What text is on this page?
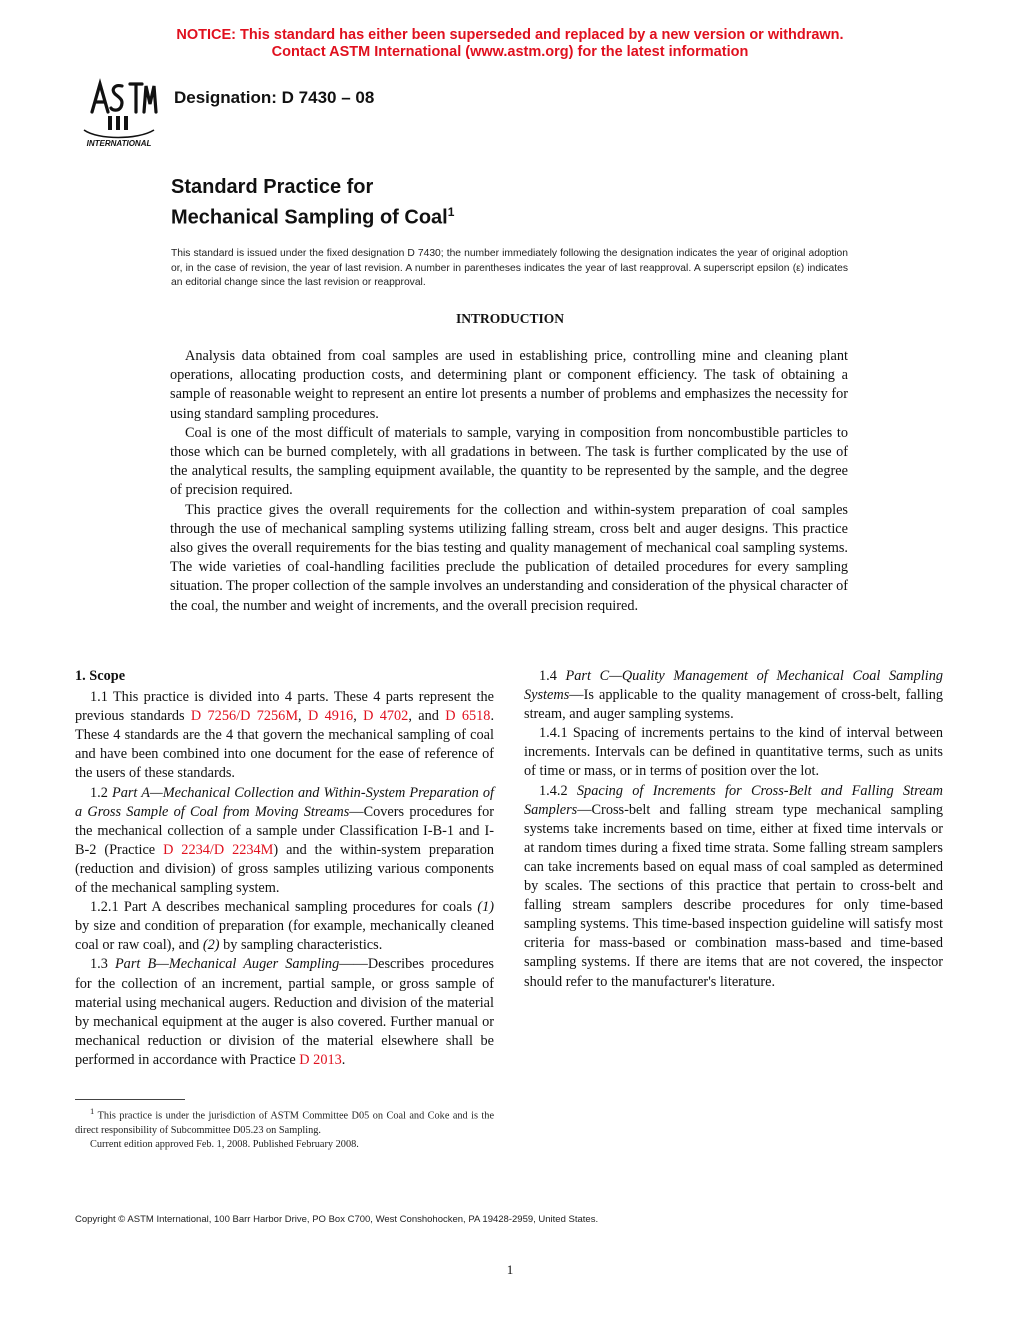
NOTICE: This standard has either been superseded and replaced by a new version or withdrawn.
Contact ASTM International (www.astm.org) for the latest information
INTERNATIONAL
Designation: D 7430 – 08
Standard Practice for
Mechanical Sampling of Coal$^1$
This standard is issued under the fixed designation D 7430; the number immediately following the designation indicates the year of original adoption or, in the case of revision, the year of last revision. A number in parentheses indicates the year of last reapproval. A superscript epsilon (ε) indicates an editorial change since the last revision or reapproval.
INTRODUCTION

Analysis data obtained from coal samples are used in establishing price, controlling mine and cleaning plant operations, allocating production costs, and determining plant or component efficiency. The task of obtaining a sample of reasonable weight to represent an entire lot presents a number of problems and emphasizes the necessity for using standard sampling procedures.

Coal is one of the most difficult of materials to sample, varying in composition from noncombustible particles to those which can be burned completely, with all gradations in between. The task is further complicated by the use of the analytical results, the sampling equipment available, the quantity to be represented by the sample, and the degree of precision required.

This practice gives the overall requirements for the collection and within-system preparation of coal samples through the use of mechanical sampling systems utilizing falling stream, cross belt and auger designs. This practice also gives the overall requirements for the bias testing and quality management of mechanical coal sampling systems. The wide varieties of coal-handling facilities preclude the publication of detailed procedures for every sampling situation. The proper collection of the sample involves an understanding and consideration of the physical character of the coal, the number and weight of increments, and the overall precision required.

1. Scope

1.1 This practice is divided into 4 parts. These 4 parts represent the previous standards D 7256/D 7256M, D 4916, D 4702, and D 6518. These 4 standards are the 4 that govern the mechanical sampling of coal and have been combined into one document for the ease of reference of the users of these standards.

1.2 Part A—Mechanical Collection and Within-System Preparation of a Gross Sample of Coal from Moving Streams—Covers procedures for the mechanical collection of a sample under Classification I-B-1 and I-B-2 (Practice D 2234/D 2234M) and the within-system preparation (reduction and division) of gross samples utilizing various components of the mechanical sampling system.

1.2.1 Part A describes mechanical sampling procedures for coals (1) by size and condition of preparation (for example, mechanically cleaned coal or raw coal), and (2) by sampling characteristics.

1.3 Part B—Mechanical Auger Sampling——Describes procedures for the collection of an increment, partial sample, or gross sample of material using mechanical augers. Reduction and division of the material by mechanical equipment at the auger is also covered. Further manual or mechanical reduction or division of the material elsewhere shall be performed in accordance with Practice D 2013.

1.4 Part C—Quality Management of Mechanical Coal Sampling Systems—Is applicable to the quality management of cross-belt, falling stream, and auger sampling systems.

1.4.1 Spacing of increments pertains to the kind of interval between increments. Intervals can be defined in quantitative terms, such as units of time or mass, or in terms of position over the lot.

1.4.2 Spacing of Increments for Cross-Belt and Falling Stream Samplers—Cross-belt and falling stream type mechanical sampling systems take increments based on time, either at fixed time intervals or at random times during a fixed time strata. Some falling stream samplers can take increments based on equal mass of coal sampled as determined by scales. The sections of this practice that pertain to cross-belt and falling stream samplers describe procedures for only time-based sampling systems. This time-based inspection guideline will satisfy most criteria for mass-based or combination mass-based and time-based sampling systems. If there are items that are not covered, the inspector should refer to the manufacturer's literature.

$^1$ This practice is under the jurisdiction of ASTM Committee D05 on Coal and Coke and is the direct responsibility of Subcommittee D05.23 on Sampling.

Current edition approved Feb. 1, 2008. Published February 2008.

Copyright © ASTM International, 100 Barr Harbor Drive, PO Box C700, West Conshohocken, PA 19428-2959, United States.
1
